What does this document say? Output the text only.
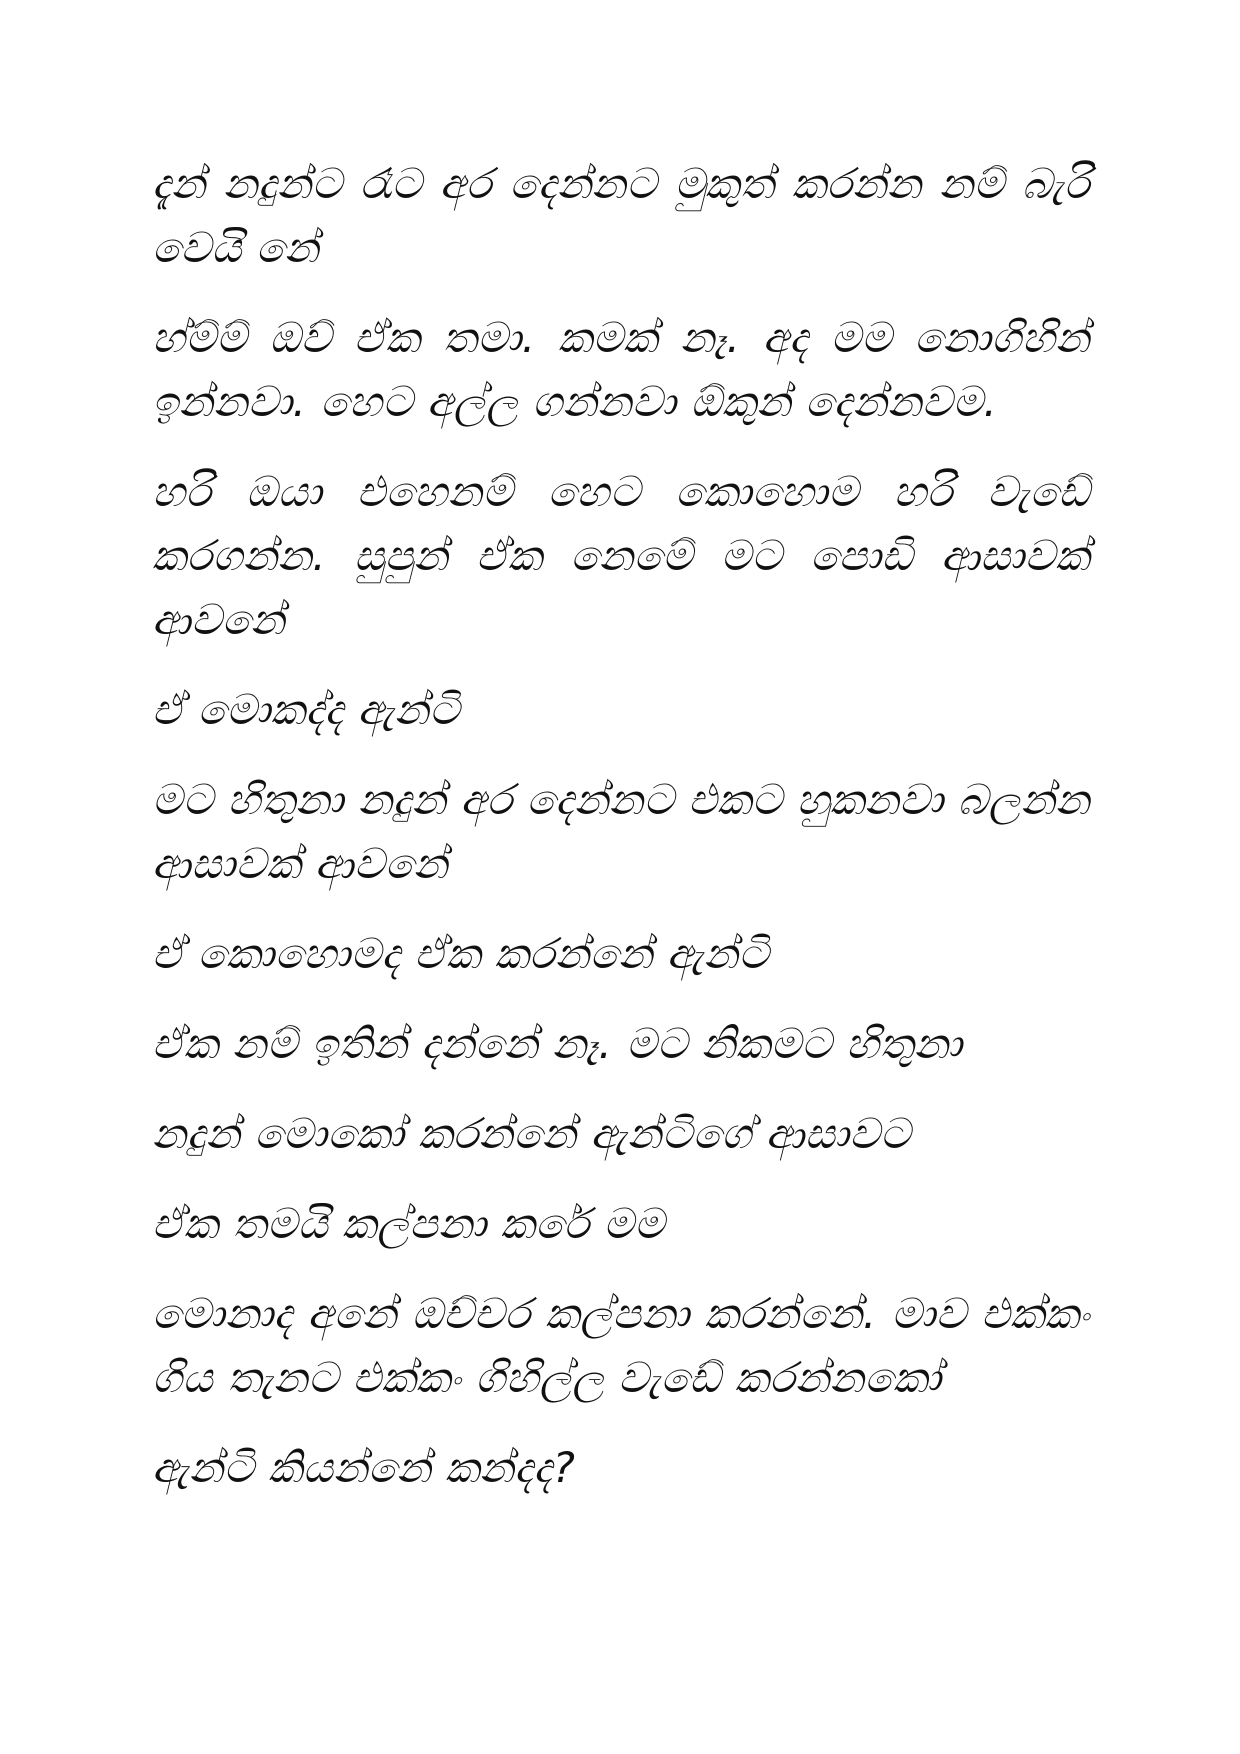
දැන් නදුන්ට රෑට අර දෙන්නට මුකුත් කරන්න නම් බැරි වෙයි නේ

හ්ම්ම් ඔව් ඒක තමා. කමක් නෑ. අද මම නොගිහින් ඉන්නවා. හෙට අල්ල ගන්නවා ඕකුන් දෙන්නවම.

හරි ඔයා එහෙනම් හෙට කොහොම හරි වැඩේ කරගන්න. සුපුන් ඒක නෙමේ මට පොඩි ආසාවක් ආවනේ

ඒ මොකද්ද ඇන්ටි

මට හිතුනා නදුන් අර දෙන්නට එකට හුකනවා බලන්න ආසාවක් ආවනේ

ඒ කොහොමද ඒක කරන්නේ ඇන්ටි

ඒක නම් ඉතින් දන්නේ නෑ. මට නිකමට හිතුනා

නදුන් මොකෝ කරන්නේ ඇන්ටිගේ ආසාවට

ඒක තමයි කල්පනා කරේ මම

මොනාද අනේ ඔච්චර කල්පනා කරන්නේ. මාව එක්කං ගිය තැනට එක්කං ගිහිල්ල වැඩේ කරන්නකෝ

ඇන්ටි කියන්නේ කන්දද?
